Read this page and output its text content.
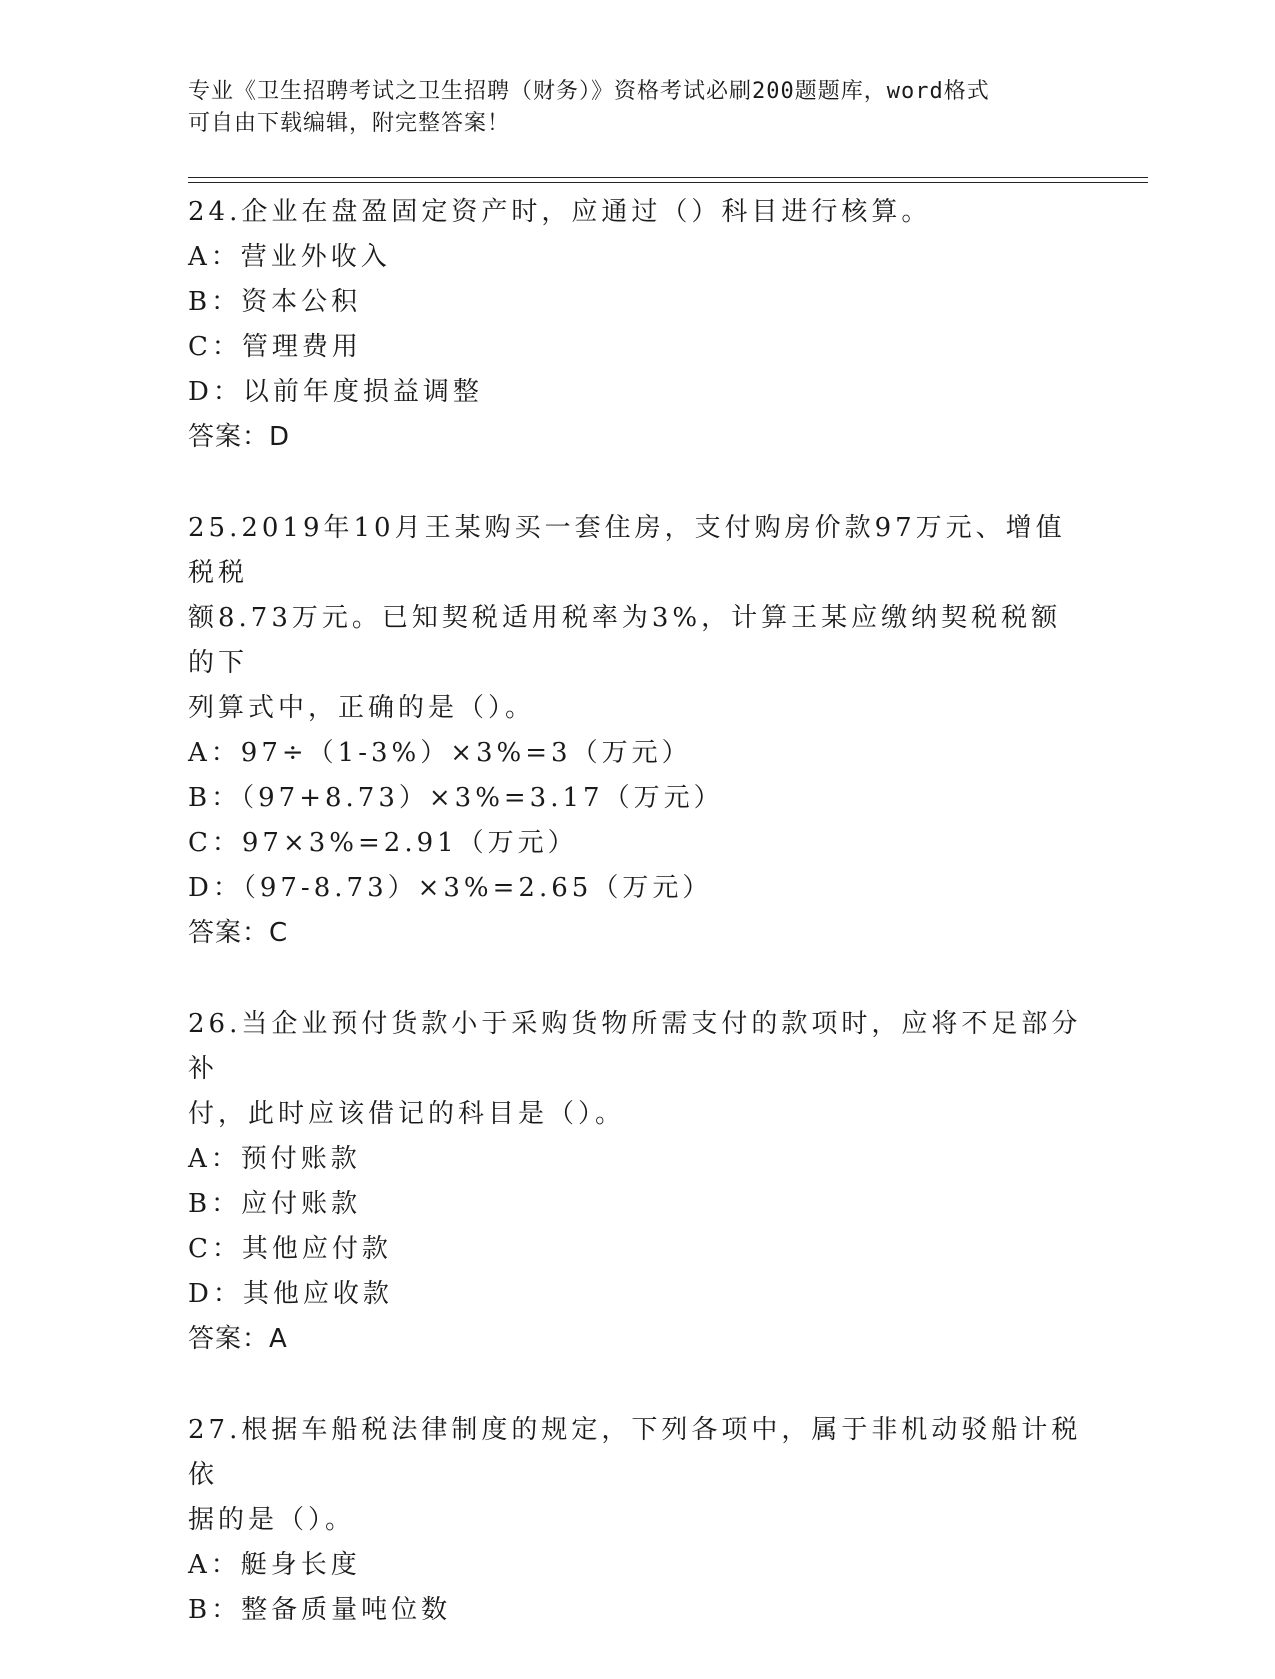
专业《卫生招聘考试之卫生招聘（财务）》资格考试必刷200题题库，word格式
可自由下载编辑，附完整答案！

24.企业在盘盈固定资产时，应通过（）科目进行核算。

A：营业外收入

B：资本公积

C：管理费用

D：以前年度损益调整

答案：D

25.2019年10月王某购买一套住房，支付购房价款97万元、增值税税

额8.73万元。已知契税适用税率为3%，计算王某应缴纳契税税额的下

列算式中，正确的是（）。

A：97÷（1-3%）×3%=3（万元）

B：（97+8.73）×3%=3.17（万元）

C：97×3%=2.91（万元）

D：（97-8.73）×3%=2.65（万元）

答案：C

26.当企业预付货款小于采购货物所需支付的款项时，应将不足部分补

付，此时应该借记的科目是（）。

A：预付账款

B：应付账款

C：其他应付款

D：其他应收款

答案：A

27.根据车船税法律制度的规定，下列各项中，属于非机动驳船计税依

据的是（）。

A：艇身长度

B：整备质量吨位数
